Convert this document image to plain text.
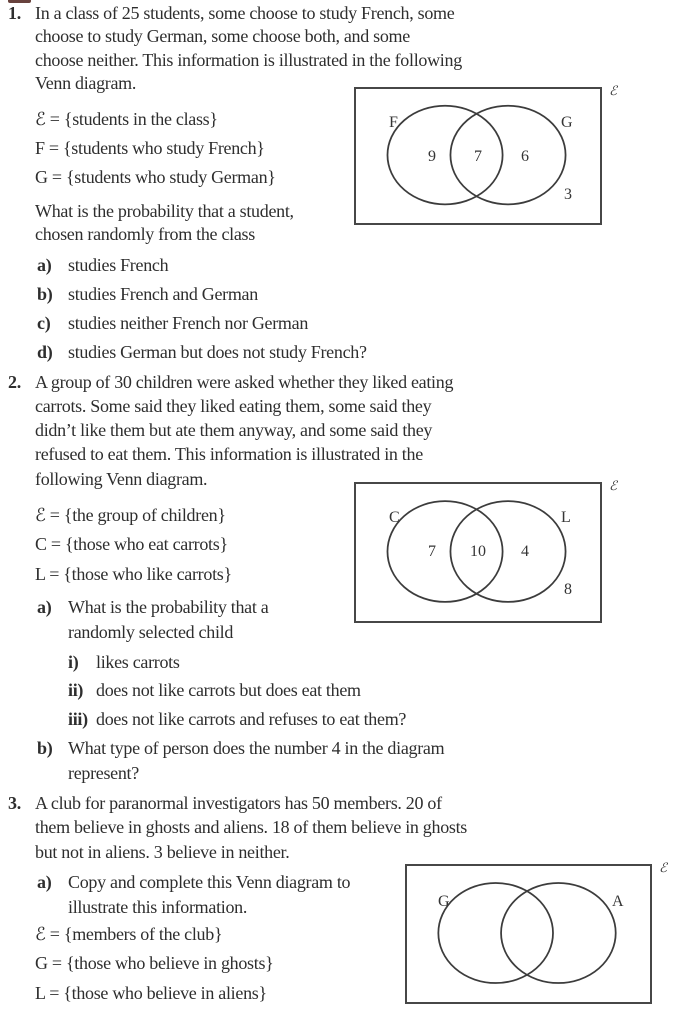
1. In a class of 25 students, some choose to study French, some
choose to study German, some choose both, and some
choose neither. This information is illustrated in the following
Venn diagram.
ℰ = {students in the class}
F = {students who study French}
G = {students who study German}
What is the probability that a student,
chosen randomly from the class
a) studies French
b) studies French and German
c) studies neither French nor German
d) studies German but does not study French?
F	G
9	7	6
3
ℰ
2. A group of 30 children were asked whether they liked eating
carrots. Some said they liked eating them, some said they
didn’t like them but ate them anyway, and some said they
refused to eat them. This information is illustrated in the
following Venn diagram.
ℰ = {the group of children}
C = {those who eat carrots}
L = {those who like carrots}
a) What is the probability that a
randomly selected child
i) likes carrots
ii) does not like carrots but does eat them
iii) does not like carrots and refuses to eat them?
b) What type of person does the number 4 in the diagram
represent?
C	L
7	10	4
8
ℰ
3. A club for paranormal investigators has 50 members. 20 of
them believe in ghosts and aliens. 18 of them believe in ghosts
but not in aliens. 3 believe in neither.
a) Copy and complete this Venn diagram to
illustrate this information.
ℰ = {members of the club}
G = {those who believe in ghosts}
L = {those who believe in aliens}
G	A
ℰ
